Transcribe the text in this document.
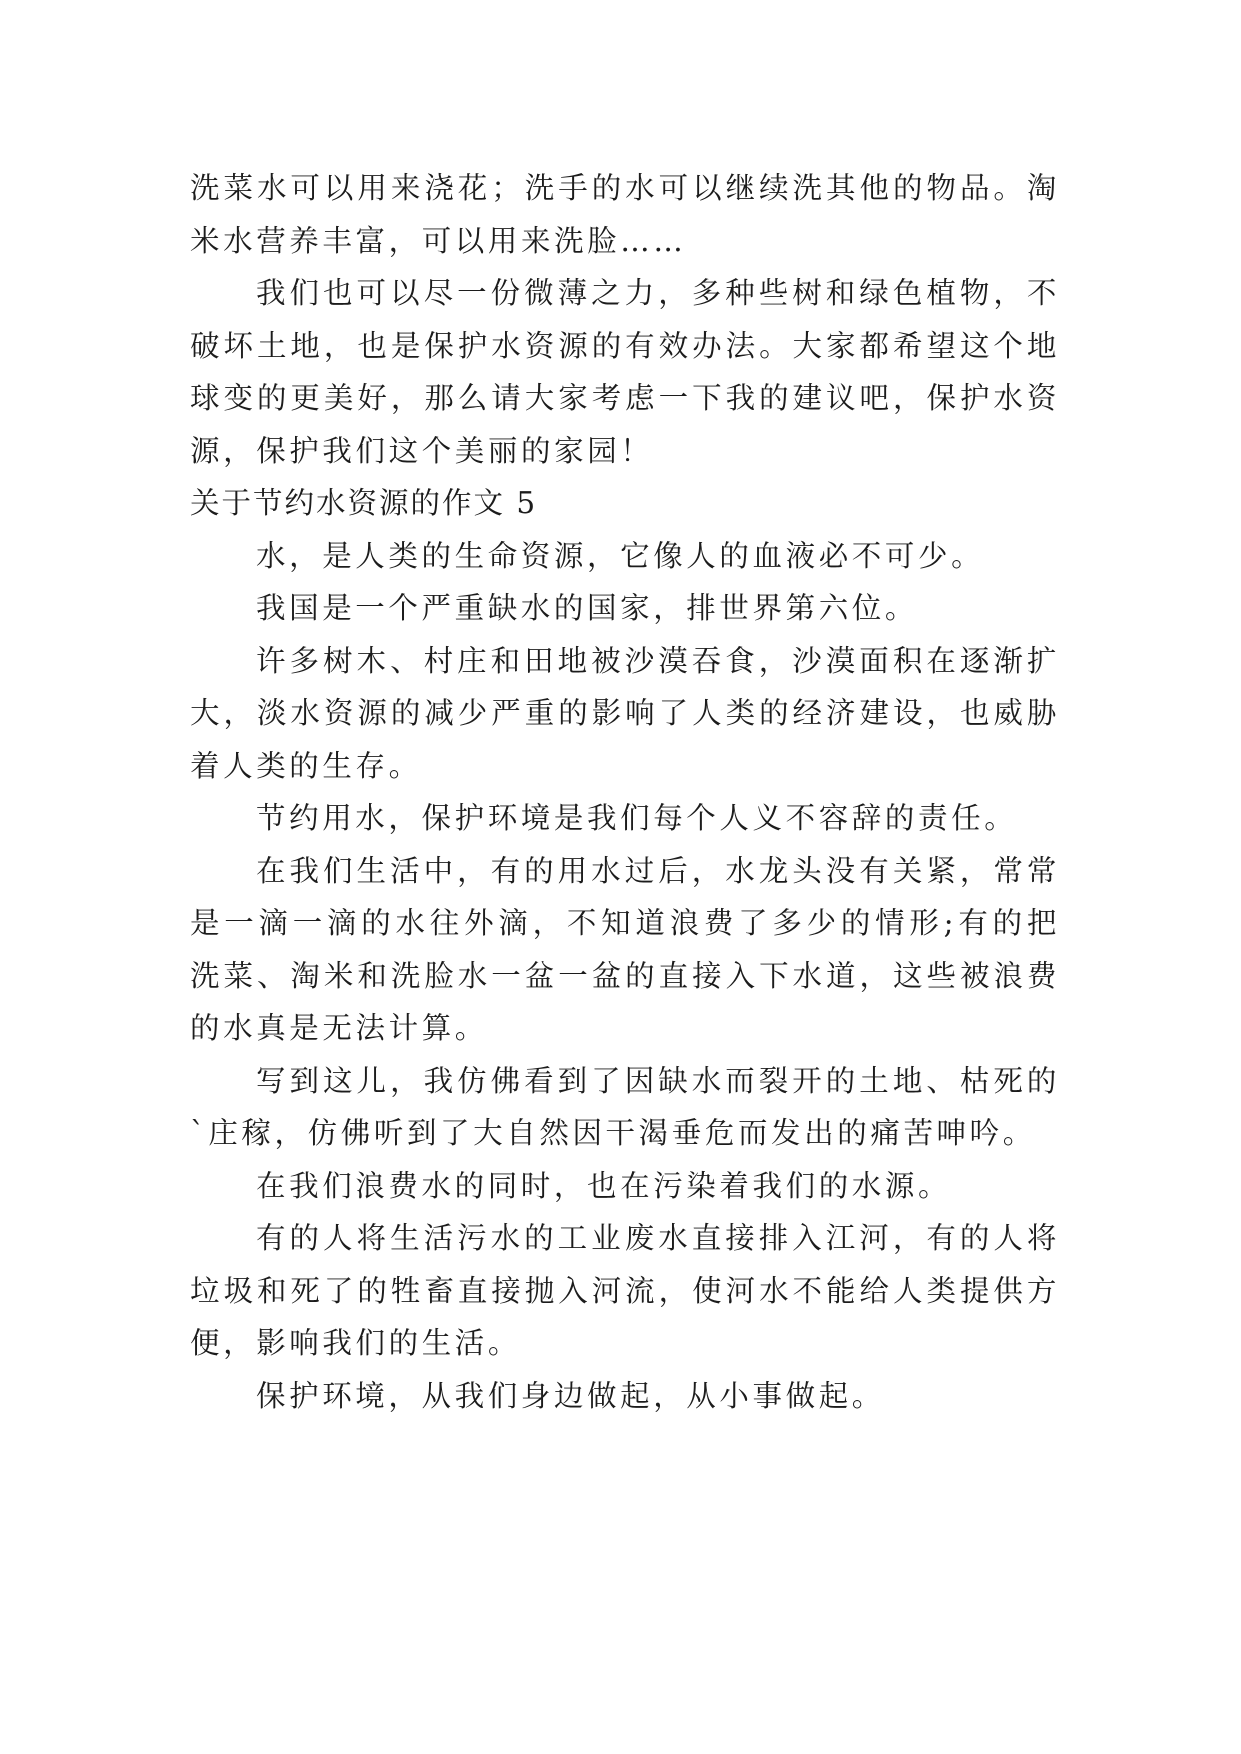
洗菜水可以用来浇花；洗手的水可以继续洗其他的物品。淘米水营养丰富，可以用来洗脸……

我们也可以尽一份微薄之力，多种些树和绿色植物，不破坏土地，也是保护水资源的有效办法。大家都希望这个地球变的更美好，那么请大家考虑一下我的建议吧，保护水资源，保护我们这个美丽的家园！

关于节约水资源的作文 5

水，是人类的生命资源，它像人的血液必不可少。

我国是一个严重缺水的国家，排世界第六位。

许多树木、村庄和田地被沙漠吞食，沙漠面积在逐渐扩大，淡水资源的减少严重的影响了人类的经济建设，也威胁着人类的生存。

节约用水，保护环境是我们每个人义不容辞的责任。

在我们生活中，有的用水过后，水龙头没有关紧，常常是一滴一滴的水往外滴，不知道浪费了多少的情形;有的把洗菜、淘米和洗脸水一盆一盆的直接入下水道，这些被浪费的水真是无法计算。

写到这儿，我仿佛看到了因缺水而裂开的土地、枯死的`庄稼，仿佛听到了大自然因干渴垂危而发出的痛苦呻吟。

在我们浪费水的同时，也在污染着我们的水源。

有的人将生活污水的工业废水直接排入江河，有的人将垃圾和死了的牲畜直接抛入河流，使河水不能给人类提供方便，影响我们的生活。

保护环境，从我们身边做起，从小事做起。
